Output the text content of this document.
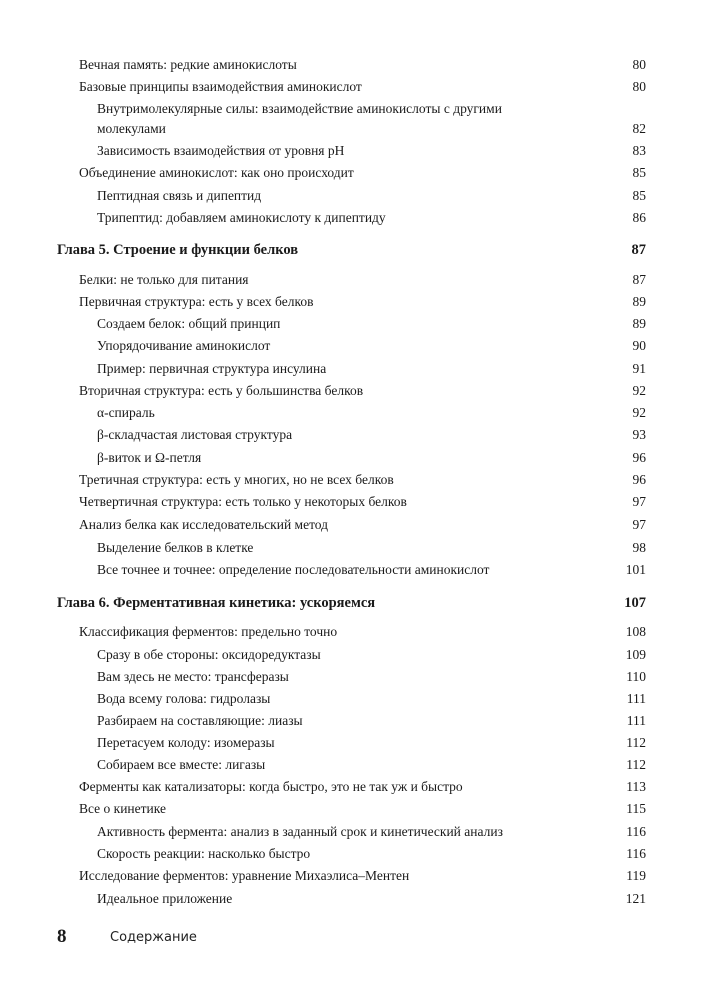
Вечная память: редкие аминокислоты	80
Базовые принципы взаимодействия аминокислот	80
Внутримолекулярные силы: взаимодействие аминокислоты с другими
молекулами	82
Зависимость взаимодействия от уровня pH	83
Объединение аминокислот: как оно происходит	85
Пептидная связь и дипептид	85
Трипептид: добавляем аминокислоту к дипептиду	86
Глава 5. Строение и функции белков	87
Белки: не только для питания	87
Первичная структура: есть у всех белков	89
Создаем белок: общий принцип	89
Упорядочивание аминокислот	90
Пример: первичная структура инсулина	91
Вторичная структура: есть у большинства белков	92
α-спираль	92
β-складчастая листовая структура	93
β-виток и Ω-петля	96
Третичная структура: есть у многих, но не всех белков	96
Четвертичная структура: есть только у некоторых белков	97
Анализ белка как исследовательский метод	97
Выделение белков в клетке	98
Все точнее и точнее: определение последовательности аминокислот	101
Глава 6. Ферментативная кинетика: ускоряемся	107
Классификация ферментов: предельно точно	108
Сразу в обе стороны: оксидоредуктазы	109
Вам здесь не место: трансферазы	110
Вода всему голова: гидролазы	111
Разбираем на составляющие: лиазы	111
Перетасуем колоду: изомеразы	112
Собираем все вместе: лигазы	112
Ферменты как катализаторы: когда быстро, это не так уж и быстро	113
Все о кинетике	115
Активность фермента: анализ в заданный срок и кинетический анализ	116
Скорость реакции: насколько быстро	116
Исследование ферментов: уравнение Михаэлиса–Ментен	119
Идеальное приложение	121
8	Содержание
